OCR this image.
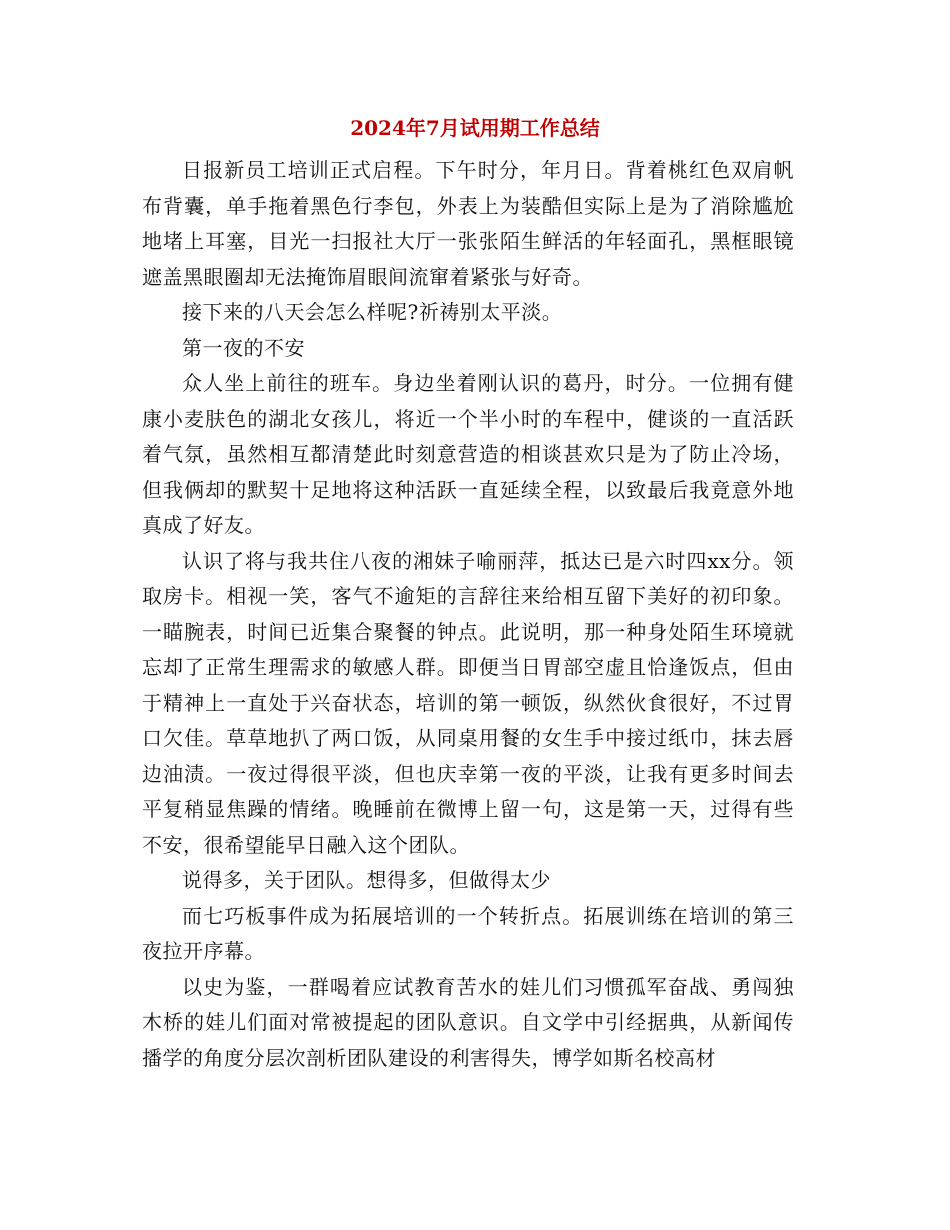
2024年7月试用期工作总结

日报新员工培训正式启程。下午时分，年月日。背着桃红色双肩帆布背囊，单手拖着黑色行李包，外表上为装酷但实际上是为了消除尴尬地堵上耳塞，目光一扫报社大厅一张张陌生鲜活的年轻面孔，黑框眼镜遮盖黑眼圈却无法掩饰眉眼间流窜着紧张与好奇。

接下来的八天会怎么样呢?祈祷别太平淡。

第一夜的不安

众人坐上前往的班车。身边坐着刚认识的葛丹，时分。一位拥有健康小麦肤色的湖北女孩儿，将近一个半小时的车程中，健谈的一直活跃着气氛，虽然相互都清楚此时刻意营造的相谈甚欢只是为了防止冷场，但我俩却的默契十足地将这种活跃一直延续全程，以致最后我竟意外地真成了好友。

认识了将与我共住八夜的湘妹子喻丽萍，抵达已是六时四xx分。领取房卡。相视一笑，客气不逾矩的言辞往来给相互留下美好的初印象。一瞄腕表，时间已近集合聚餐的钟点。此说明，那一种身处陌生环境就忘却了正常生理需求的敏感人群。即便当日胃部空虚且恰逢饭点，但由于精神上一直处于兴奋状态，培训的第一顿饭，纵然伙食很好，不过胃口欠佳。草草地扒了两口饭，从同桌用餐的女生手中接过纸巾，抹去唇边油渍。一夜过得很平淡，但也庆幸第一夜的平淡，让我有更多时间去平复稍显焦躁的情绪。晚睡前在微博上留一句，这是第一天，过得有些不安，很希望能早日融入这个团队。

说得多，关于团队。想得多，但做得太少

而七巧板事件成为拓展培训的一个转折点。拓展训练在培训的第三夜拉开序幕。

以史为鉴，一群喝着应试教育苦水的娃儿们习惯孤军奋战、勇闯独木桥的娃儿们面对常被提起的团队意识。自文学中引经据典，从新闻传播学的角度分层次剖析团队建设的利害得失，博学如斯名校高材
